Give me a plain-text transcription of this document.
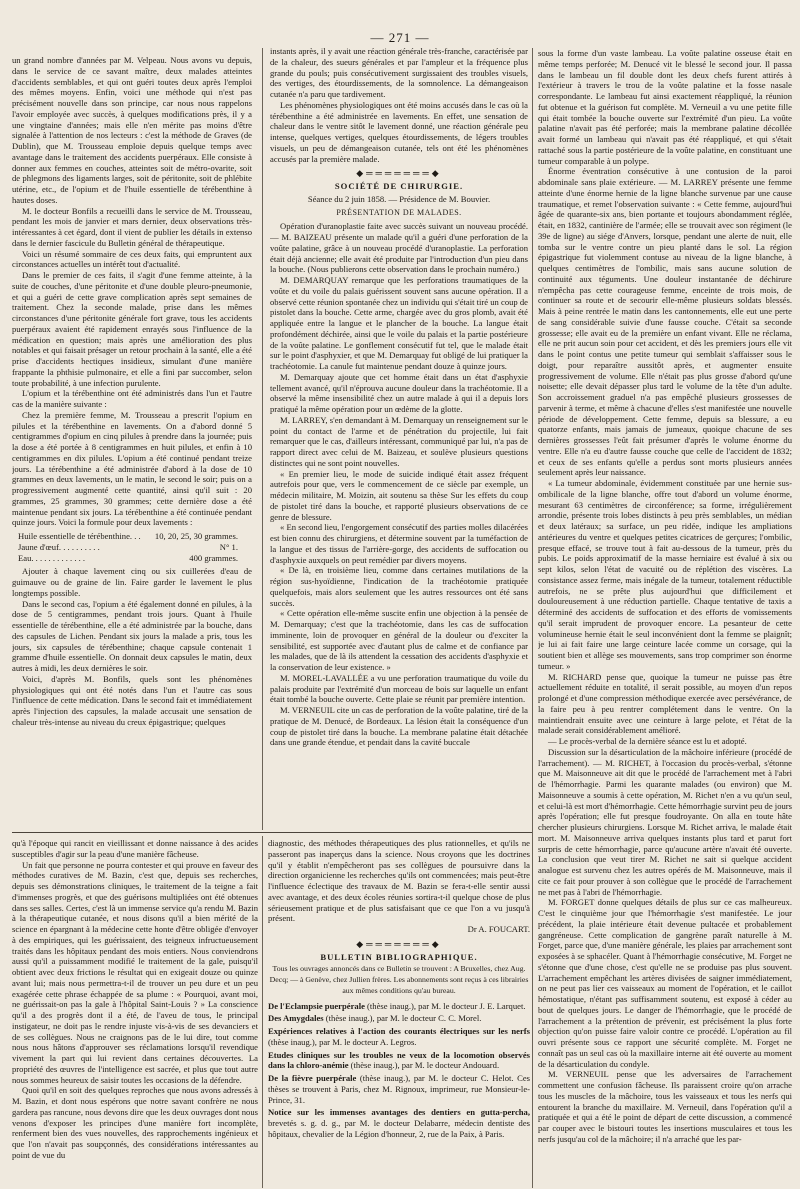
— 271 —

un grand nombre d'années par M. Velpeau. Nous avons vu depuis, dans le service de ce savant maître, deux malades atteintes d'accidents semblables, et qui ont guéri toutes deux après l'emploi des mêmes moyens. Enfin, voici une méthode qui n'est pas précisément nouvelle dans son principe, car nous nous rappelons l'avoir employée avec succès, à quelques modifications près, il y a une vingtaine d'années; mais elle n'en mérite pas moins d'être signalée à l'attention de nos lecteurs : c'est la méthode de Graves (de Dublin), que M. Trousseau emploie depuis quelque temps avec avantage dans le traitement des accidents puerpéraux. Elle consiste à donner aux femmes en couches, atteintes soit de métro-ovarite, soit de phlegmons des ligaments larges, soit de péritonite, soit de phlébite utérine, etc., de l'opium et de l'huile essentielle de térébenthine à hautes doses.

M. le docteur Bonfils a recueilli dans le service de M. Trousseau, pendant les mois de janvier et mars dernier, deux observations très-intéressantes à cet égard, dont il vient de publier les détails in extenso dans le dernier fascicule du Bulletin général de thérapeutique.

Voici un résumé sommaire de ces deux faits, qui empruntent aux circonstances actuelles un intérêt tout d'actualité.

Dans le premier de ces faits, il s'agit d'une femme atteinte, à la suite de couches, d'une péritonite et d'une double pleuro-pneumonie, et qui a guéri de cette grave complication après sept semaines de traitement. Chez la seconde malade, prise dans les mêmes circonstances d'une péritonite générale fort grave, tous les accidents puerpéraux avaient été rapidement enrayés sous l'influence de la médication en question; mais après une amélioration des plus notables et qui faisait présager un retour prochain à la santé, elle a été prise d'accidents hectiques insidieux, simulant d'une manière frappante la phthisie pulmonaire, et elle a fini par succomber, selon toute probabilité, à une infection purulente.

L'opium et la térébenthine ont été administrés dans l'un et l'autre cas de la manière suivante :

Chez la première femme, M. Trousseau a prescrit l'opium en pilules et la térébenthine en lavements. On a d'abord donné 5 centigrammes d'opium en cinq pilules à prendre dans la journée; puis la dose a été portée à 8 centigrammes en huit pilules, et enfin à 10 centigrammes en dix pilules. L'opium a été continué pendant treize jours. La térébenthine a été administrée d'abord à la dose de 10 grammes en deux lavements, un le matin, le second le soir; puis on a progressivement augmenté cette quantité, ainsi qu'il suit : 20 grammes, 25 grammes, 30 grammes; cette dernière dose a été maintenue pendant six jours. La térébenthine a été continuée pendant quinze jours. Voici la formule pour deux lavements :

Huile essentielle de térébenthine. . . 10, 20, 25, 30 grammes.
Jaune d'œuf. . . . . . . . . .	N° 1.
Eau. . . . . . . . . . . . .	400 grammes.

Ajouter à chaque lavement cinq ou six cuillerées d'eau de guimauve ou de graine de lin. Faire garder le lavement le plus longtemps possible.

Dans le second cas, l'opium a été également donné en pilules, à la dose de 5 centigrammes, pendant trois jours. Quant à l'huile essentielle de térébenthine, elle a été administrée par la bouche, dans des capsules de Lichen. Pendant six jours la malade a pris, tous les jours, six capsules de térébenthine; chaque capsule contenait 1 gramme d'huile essentielle. On donnait deux capsules le matin, deux autres à midi, les deux dernières le soir.

Voici, d'après M. Bonfils, quels sont les phénomènes physiologiques qui ont été notés dans l'un et l'autre cas sous l'influence de cette médication. Dans le second fait et immédiatement après l'injection des capsules, la malade accusait une sensation de chaleur très-intense au niveau du creux épigastrique; quelques

instants après, il y avait une réaction générale très-franche, caractérisée par de la chaleur, des sueurs générales et par l'ampleur et la fréquence plus grande du pouls; puis consécutivement surgissaient des troubles visuels, des vertiges, des étourdissements, de la somnolence. La démangeaison cutanée n'a paru que tardivement.

Les phénomènes physiologiques ont été moins accusés dans le cas où la térébenthine a été administrée en lavements. En effet, une sensation de chaleur dans le ventre sitôt le lavement donné, une réaction générale peu intense, quelques vertiges, quelques étourdissements, de légers troubles visuels, un peu de démangeaison cutanée, tels ont été les phénomènes accusés par la première malade.

◆═══════◆
SOCIÉTÉ DE CHIRURGIE.
Séance du 2 juin 1858. — Présidence de M. Bouvier.
PRÉSENTATION DE MALADES.

Opération d'uranoplastie faite avec succès suivant un nouveau procédé. — M. BAIZEAU présente un malade qu'il a guéri d'une perforation de la voûte palatine, grâce à un nouveau procédé d'uranoplastie. La perforation était déjà ancienne; elle avait été produite par l'introduction d'un pieu dans la bouche. (Nous publierons cette observation dans le prochain numéro.)

M. DEMARQUAY remarque que les perforations traumatiques de la voûte et du voile du palais guérissent souvent sans aucune opération. Il a observé cette réunion spontanée chez un individu qui s'était tiré un coup de pistolet dans la bouche. Cette arme, chargée avec du gros plomb, avait été appliquée entre la langue et le plancher de la bouche. La langue était profondément déchirée, ainsi que le voile du palais et la partie postérieure de la voûte palatine. Le gonflement consécutif fut tel, que le malade était sur le point d'asphyxier, et que M. Demarquay fut obligé de lui pratiquer la trachéotomie. La canule fut maintenue pendant douze à quinze jours.

M. Demarquay ajoute que cet homme était dans un état d'asphyxie tellement avancé, qu'il n'éprouva aucune douleur dans la trachéotomie. Il a observé la même insensibilité chez un autre malade à qui il a depuis lors pratiqué la même opération pour un œdème de la glotte.

M. LARREY, s'en demandant à M. Demarquay un renseignement sur le point du contact de l'arme et de pénétration du projectile, lui fait remarquer que le cas, d'ailleurs intéressant, communiqué par lui, n'a pas de rapport direct avec celui de M. Baizeau, et soulève plusieurs questions distinctes qui ne sont point nouvelles.

« En premier lieu, le mode de suicide indiqué était assez fréquent autrefois pour que, vers le commencement de ce siècle par exemple, un médecin militaire, M. Moizin, ait soutenu sa thèse Sur les effets du coup de pistolet tiré dans la bouche, et rapporté plusieurs observations de ce genre de blessure.

« En second lieu, l'engorgement consécutif des parties molles dilacérées est bien connu des chirurgiens, et détermine souvent par la tuméfaction de la langue et des tissus de l'arrière-gorge, des accidents de suffocation ou d'asphyxie auxquels on peut remédier par divers moyens.

« De là, en troisième lieu, comme dans certaines mutilations de la région sus-hyoïdienne, l'indication de la trachéotomie pratiquée quelquefois, mais alors seulement que les autres ressources ont été sans succès.

« Cette opération elle-même suscite enfin une objection à la pensée de M. Demarquay; c'est que la trachéotomie, dans les cas de suffocation imminente, loin de provoquer en général de la douleur ou d'exciter la sensibilité, est supportée avec d'autant plus de calme et de confiance par les malades, que de là ils attendent la cessation des accidents d'asphyxie et la conservation de leur existence. »

M. MOREL-LAVALLÉE a vu une perforation traumatique du voile du palais produite par l'extrémité d'un morceau de bois sur laquelle un enfant était tombé la bouche ouverte. Cette plaie se réunit par première intention.

M. VERNEUIL cite un cas de perforation de la voûte palatine, tiré de la pratique de M. Denucé, de Bordeaux. La lésion était la conséquence d'un coup de pistolet tiré dans la bouche. La membrane palatine était détachée dans une grande étendue, et pendait dans la cavité buccale

sous la forme d'un vaste lambeau. La voûte palatine osseuse était en même temps perforée; M. Denucé vit le blessé le second jour. Il passa dans le lambeau un fil double dont les deux chefs furent attirés à l'extérieur à travers le trou de la voûte palatine et la fosse nasale correspondante. Le lambeau fut ainsi exactement réappliqué, la réunion fut obtenue et la guérison fut complète. M. Verneuil a vu une petite fille qui était tombée la bouche ouverte sur l'extrémité d'un pieu. La voûte palatine n'avait pas été perforée; mais la membrane palatine décollée avait formé un lambeau qui n'avait pas été réappliqué, et qui s'était rattaché sous la partie postérieure de la voûte palatine, en constituant une tumeur comparable à un polype.

Énorme éventration consécutive à une contusion de la paroi abdominale sans plaie extérieure. — M. LARREY présente une femme atteinte d'une énorme hernie de la ligne blanche survenue par une cause traumatique, et remet l'observation suivante : « Cette femme, aujourd'hui âgée de quarante-six ans, bien portante et toujours abondamment réglée, était, en 1832, cantinière de l'armée; elle se trouvait avec son régiment (le 39e de ligne) au siége d'Anvers, lorsque, pendant une alerte de nuit, elle tomba sur le ventre contre un pieu planté dans le sol. La région épigastrique fut violemment contuse au niveau de la ligne blanche, à quelques centimètres de l'ombilic, mais sans aucune solution de continuité aux téguments. Une douleur instantanée de déchirure n'empêcha pas cette courageuse femme, enceinte de trois mois, de continuer sa route et de secourir elle-même plusieurs soldats blessés. Mais à peine rentrée le matin dans les cantonnements, elle eut une perte de sang considérable suivie d'une fausse couche. C'était sa seconde grossesse; elle avait eu de la première un enfant vivant. Elle ne réclama, elle ne prit aucun soin pour cet accident, et dès les premiers jours elle vit dans le point contus une petite tumeur qui semblait s'affaisser sous le doigt, pour reparaître aussitôt après, et augmenter ensuite progressivement de volume. Elle n'était pas plus grosse d'abord qu'une noisette; elle devait dépasser plus tard le volume de la tête d'un adulte. Son accroissement graduel n'a pas empêché plusieurs grossesses de parvenir à terme, et même à chacune d'elles s'est manifestée une nouvelle période de développement. Cette femme, depuis sa blessure, a eu quatorze enfants, mais jamais de jumeaux, quoique chacune de ses dernières grossesses l'eût fait présumer d'après le volume énorme du ventre. Elle n'a eu d'autre fausse couche que celle de l'accident de 1832; et ceux de ses enfants qu'elle a perdus sont morts plusieurs années seulement après leur naissance.

« La tumeur abdominale, évidemment constituée par une hernie sus-ombilicale de la ligne blanche, offre tout d'abord un volume énorme, mesurant 63 centimètres de circonférence; sa forme, irrégulièrement arrondie, présente trois lobes distincts à peu près semblables, un médian et deux latéraux; sa surface, un peu ridée, indique les ampliations antérieures du ventre et quelques petites cicatrices de gerçures; l'ombilic, presque effacé, se trouve tout à fait au-dessous de la tumeur, près du pubis. Le poids approximatif de la masse herniaire est évalué à six ou sept kilos, selon l'état de vacuité ou de réplétion des viscères. La consistance assez ferme, mais inégale de la tumeur, totalement réductible autrefois, ne se prête plus aujourd'hui que difficilement et douloureusement à une réduction partielle. Chaque tentative de taxis a déterminé des accidents de suffocation et des efforts de vomissements qu'il serait imprudent de provoquer encore. La pesanteur de cette volumineuse hernie était le seul inconvénient dont la femme se plaignît; je lui ai fait faire une large ceinture lacée comme un corsage, qui la soutient bien et allège ses mouvements, sans trop comprimer son énorme tumeur. »

M. RICHARD pense que, quoique la tumeur ne puisse pas être actuellement réduite en totalité, il serait possible, au moyen d'un repos prolongé et d'une compression méthodique exercée avec persévérance, de la faire peu à peu rentrer complétement dans le ventre. On la maintiendrait ensuite avec une ceinture à large pelote, et l'état de la malade serait considérablement amélioré.

— Le procès-verbal de la dernière séance est lu et adopté.

Discussion sur la désarticulation de la mâchoire inférieure (procédé de l'arrachement). — M. RICHET, à l'occasion du procès-verbal, s'étonne que M. Maisonneuve ait dit que le procédé de l'arrachement met à l'abri de l'hémorrhagie. Parmi les quarante malades (ou environ) que M. Maisonneuve a soumis à cette opération, M. Richet n'en a vu qu'un seul, et celui-là est mort d'hémorrhagie. Cette hémorrhagie survint peu de jours après l'opération; elle fut presque foudroyante. On alla en toute hâte chercher plusieurs chirurgiens. Lorsque M. Richet arriva, le malade était mort. M. Maisonneuve arriva quelques instants plus tard et parut fort surpris de cette hémorrhagie, parce qu'aucune artère n'avait été ouverte. La conclusion que veut tirer M. Richet ne sait si quelque accident analogue est survenu chez les autres opérés de M. Maisonneuve, mais il cite ce fait pour prouver à son collègue que le procédé de l'arrachement ne met pas à l'abri de l'hémorrhagie.

M. FORGET donne quelques détails de plus sur ce cas malheureux. C'est le cinquième jour que l'hémorrhagie s'est manifestée. Le jour précédent, la plaie intérieure était devenue pultacée et probablement gangréneuse. Cette complication de gangrène paraît naturelle à M. Forget, parce que, d'une manière générale, les plaies par arrachement sont exposées à se sphacéler. Quant à l'hémorrhagie consécutive, M. Forget ne s'étonne que d'une chose, c'est qu'elle ne se produise pas plus souvent. L'arrachement empêchant les artères divisées de saigner immédiatement, on ne peut pas lier ces vaisseaux au moment de l'opération, et le caillot hémostatique, n'étant pas suffisamment soutenu, est exposé à céder au bout de quelques jours. Le danger de l'hémorrhagie, que le procédé de l'arrachement a la prétention de prévenir, est précisément la plus forte objection qu'on puisse faire valoir contre ce procédé. L'opération au fil ouvri présente sous ce rapport une sécurité complète. M. Forget ne connaît pas un seul cas où la maxillaire interne ait été ouverte au moment de la désarticulation du condyle.

M. VERNEUIL pense que les adversaires de l'arrachement commettent une confusion fâcheuse. Ils paraissent croire qu'on arrache tous les muscles de la mâchoire, tous les vaisseaux et tous les nerfs qui entourent la branche du maxillaire. M. Verneuil, dans l'opération qu'il a pratiquée et qui a été le point de départ de cette discussion, a commencé par couper avec le bistouri toutes les insertions musculaires et tous les nerfs jusqu'au col de la mâchoire; il n'a arraché que les par-

qu'à l'époque qui rancit en vieillissant et donne naissance à des acides susceptibles d'agir sur la peau d'une manière fâcheuse.

Un fait que personne ne pourra contester et qui prouve en faveur des méthodes curatives de M. Bazin, c'est que, depuis ses recherches, depuis ses démonstrations cliniques, le traitement de la teigne a fait d'immenses progrès, et que des guérisons multipliées ont été obtenues dans ses salles. Certes, c'est là un immense service qu'a rendu M. Bazin à la thérapeutique cutanée, et nous disons qu'il a bien mérité de la science en épargnant à la médecine cette honte d'être obligée d'envoyer à des empiriques, qui les guérissaient, des teigneux infructueusement traités dans les hôpitaux pendant des mois entiers. Nous conviendrons aussi qu'il a puissamment modifié le traitement de la gale, puisqu'il obtient avec deux frictions le résultat qui en exigeait douze ou quinze avant lui; mais nous permettra-t-il de trouver un peu dure et un peu exagérée cette phrase échappée de sa plume : « Pourquoi, avant moi, ne guérissait-on pas la gale à l'hôpital Saint-Louis ? » La conscience qu'il a des progrès dont il a été, de l'aveu de tous, le principal instigateur, ne doit pas le rendre injuste vis-à-vis de ses devanciers et de ses collègues. Nous ne craignons pas de le lui dire, tout comme nous nous hâtons d'approuver ses réclamations lorsqu'il revendique vivement la part qui lui revient dans certaines découvertes. La propriété des œuvres de l'intelligence est sacrée, et plus que tout autre nous sommes heureux de saisir toutes les occasions de la défendre.

Quoi qu'il en soit des quelques reproches que nous avons adressés à M. Bazin, et dont nous espérons que notre savant confrère ne nous gardera pas rancune, nous devons dire que les deux ouvrages dont nous venons d'exposer les principes d'une manière fort incomplète, renferment bien des vues nouvelles, des rapprochements ingénieux et que l'on n'avait pas soupçonnés, des considérations intéressantes au point de vue du

diagnostic, des méthodes thérapeutiques des plus rationnelles, et qu'ils ne passeront pas inaperçus dans la science. Nous croyons que les doctrines qu'il y établit n'empêcheront pas ses collègues de poursuivre dans la direction organicienne les recherches qu'ils ont commencées; mais peut-être l'influence éclectique des travaux de M. Bazin se fera-t-elle sentir aussi avec avantage, et des deux écoles réunies sortira-t-il quelque chose de plus sérieusement pratique et de plus satisfaisant que ce que l'on a vu jusqu'à présent.

Dr A. FOUCART.

◆═══════◆
BULLETIN BIBLIOGRAPHIQUE.
Tous les ouvrages annoncés dans ce Bulletin se trouvent : A Bruxelles, chez Aug. Decq; — à Genève, chez Jullien frères. Les abonnements sont reçus à ces librairies aux mêmes conditions qu'au bureau.

De l'Eclampsie puerpérale (thèse inaug.), par M. le docteur J. E. Larquet.

Des Amygdales (thèse inaug.), par M. le docteur C. C. Morel.

Expériences relatives à l'action des courants électriques sur les nerfs (thèse inaug.), par M. le docteur A. Legros.

Etudes cliniques sur les troubles ne veux de la locomotion observés dans la chloro-anémie (thèse inaug.), par M. le docteur Andouard.

De la fièvre puerpérale (thèse inaug.), par M. le docteur C. Helot. Ces thèses se trouvent à Paris, chez M. Rignoux, imprimeur, rue Monsieur-le-Prince, 31.

Notice sur les immenses avantages des dentiers en gutta-percha, brevetés s. g. d. g., par M. le docteur Delabarre, médecin dentiste des hôpitaux, chevalier de la Légion d'honneur, 2, rue de la Paix, à Paris.
